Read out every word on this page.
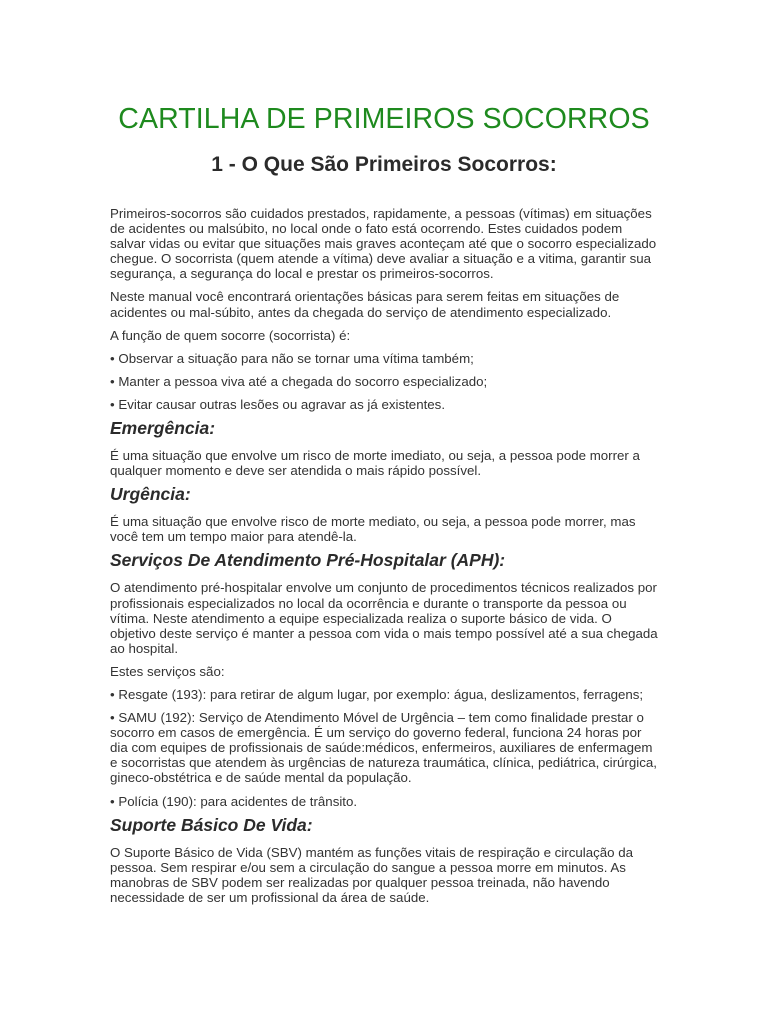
CARTILHA DE PRIMEIROS SOCORROS
1 - O Que São Primeiros Socorros:

Primeiros-socorros são cuidados prestados, rapidamente, a pessoas (vítimas) em situações de acidentes ou malsúbito, no local onde o fato está ocorrendo. Estes cuidados podem salvar vidas ou evitar que situações mais graves aconteçam até que o socorro especializado chegue. O socorrista (quem atende a vítima) deve avaliar a situação e a vitima, garantir sua segurança, a segurança do local e prestar os primeiros-socorros.

Neste manual você encontrará orientações básicas para serem feitas em situações de acidentes ou mal-súbito, antes da chegada do serviço de atendimento especializado.

A função de quem socorre (socorrista) é:

• Observar a situação para não se tornar uma vítima também;

• Manter a pessoa viva até a chegada do socorro especializado;

• Evitar causar outras lesões ou agravar as já existentes.

Emergência:

É uma situação que envolve um risco de morte imediato, ou seja, a pessoa pode morrer a qualquer momento e deve ser atendida o mais rápido possível.

Urgência:

É uma situação que envolve risco de morte mediato, ou seja, a pessoa pode morrer, mas você tem um tempo maior para atendê-la.

Serviços De Atendimento Pré-Hospitalar (APH):

O atendimento pré-hospitalar envolve um conjunto de procedimentos técnicos realizados por profissionais especializados no local da ocorrência e durante o transporte da pessoa ou vítima. Neste atendimento a equipe especializada realiza o suporte básico de vida. O objetivo deste serviço é manter a pessoa com vida o mais tempo possível até a sua chegada ao hospital.

Estes serviços são:

• Resgate (193): para retirar de algum lugar, por exemplo: água, deslizamentos, ferragens;

• SAMU (192): Serviço de Atendimento Móvel de Urgência – tem como finalidade prestar o socorro em casos de emergência. É um serviço do governo federal, funciona 24 horas por dia com equipes de profissionais de saúde:médicos, enfermeiros, auxiliares de enfermagem e socorristas que atendem às urgências de natureza traumática, clínica, pediátrica, cirúrgica, gineco-obstétrica e de saúde mental da população.

• Polícia (190): para acidentes de trânsito.

Suporte Básico De Vida:

O Suporte Básico de Vida (SBV) mantém as funções vitais de respiração e circulação da pessoa. Sem respirar e/ou sem a circulação do sangue a pessoa morre em minutos. As manobras de SBV podem ser realizadas por qualquer pessoa treinada, não havendo necessidade de ser um profissional da área de saúde.
